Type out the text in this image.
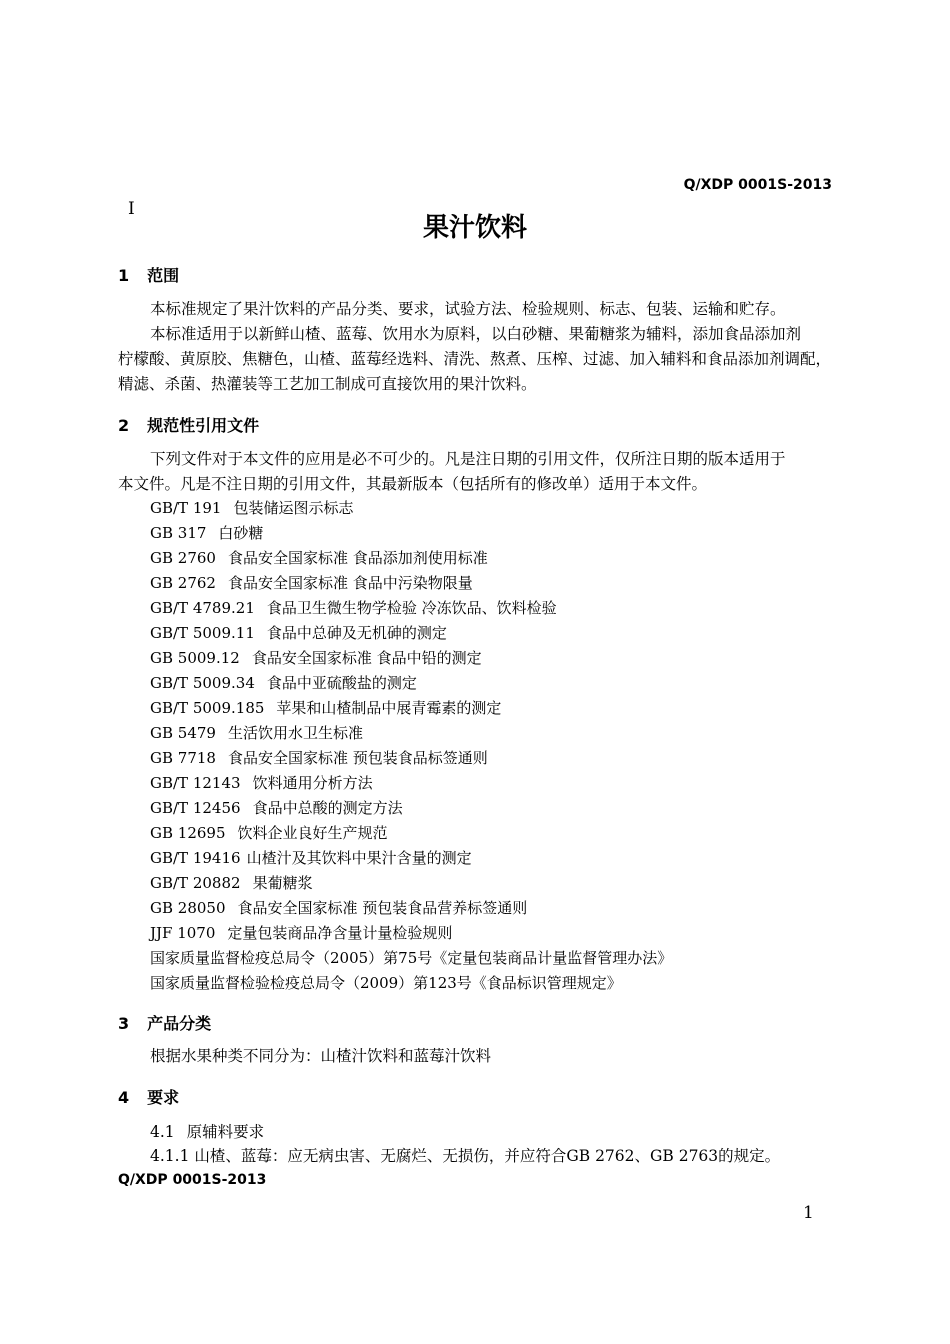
Q/XDP 0001S-2013
I
果汁饮料
1 范围
本标准规定了果汁饮料的产品分类、要求，试验方法、检验规则、标志、包装、运输和贮存。
本标准适用于以新鲜山楂、蓝莓、饮用水为原料，以白砂糖、果葡糖浆为辅料，添加食品添加剂
柠檬酸、黄原胶、焦糖色，山楂、蓝莓经选料、清洗、熬煮、压榨、过滤、加入辅料和食品添加剂调配，
精滤、杀菌、热灌装等工艺加工制成可直接饮用的果汁饮料。
2 规范性引用文件
下列文件对于本文件的应用是必不可少的。凡是注日期的引用文件，仅所注日期的版本适用于
本文件。凡是不注日期的引用文件，其最新版本（包括所有的修改单）适用于本文件。
GB/T 191 包装储运图示标志
GB 317 白砂糖
GB 2760 食品安全国家标准 食品添加剂使用标准
GB 2762 食品安全国家标准 食品中污染物限量
GB/T 4789.21 食品卫生微生物学检验 冷冻饮品、饮料检验
GB/T 5009.11 食品中总砷及无机砷的测定
GB 5009.12 食品安全国家标准 食品中铅的测定
GB/T 5009.34 食品中亚硫酸盐的测定
GB/T 5009.185 苹果和山楂制品中展青霉素的测定
GB 5479 生活饮用水卫生标准
GB 7718 食品安全国家标准 预包装食品标签通则
GB/T 12143 饮料通用分析方法
GB/T 12456 食品中总酸的测定方法
GB 12695 饮料企业良好生产规范
GB/T 19416 山楂汁及其饮料中果汁含量的测定
GB/T 20882 果葡糖浆
GB 28050 食品安全国家标准 预包装食品营养标签通则
JJF 1070 定量包装商品净含量计量检验规则
国家质量监督检疫总局令（2005）第75号《定量包装商品计量监督管理办法》
国家质量监督检验检疫总局令（2009）第123号《食品标识管理规定》
3 产品分类
根据水果种类不同分为：山楂汁饮料和蓝莓汁饮料
4 要求
4.1 原辅料要求
4.1.1 山楂、蓝莓：应无病虫害、无腐烂、无损伤，并应符合GB 2762、GB 2763的规定。
Q/XDP 0001S-2013
1
